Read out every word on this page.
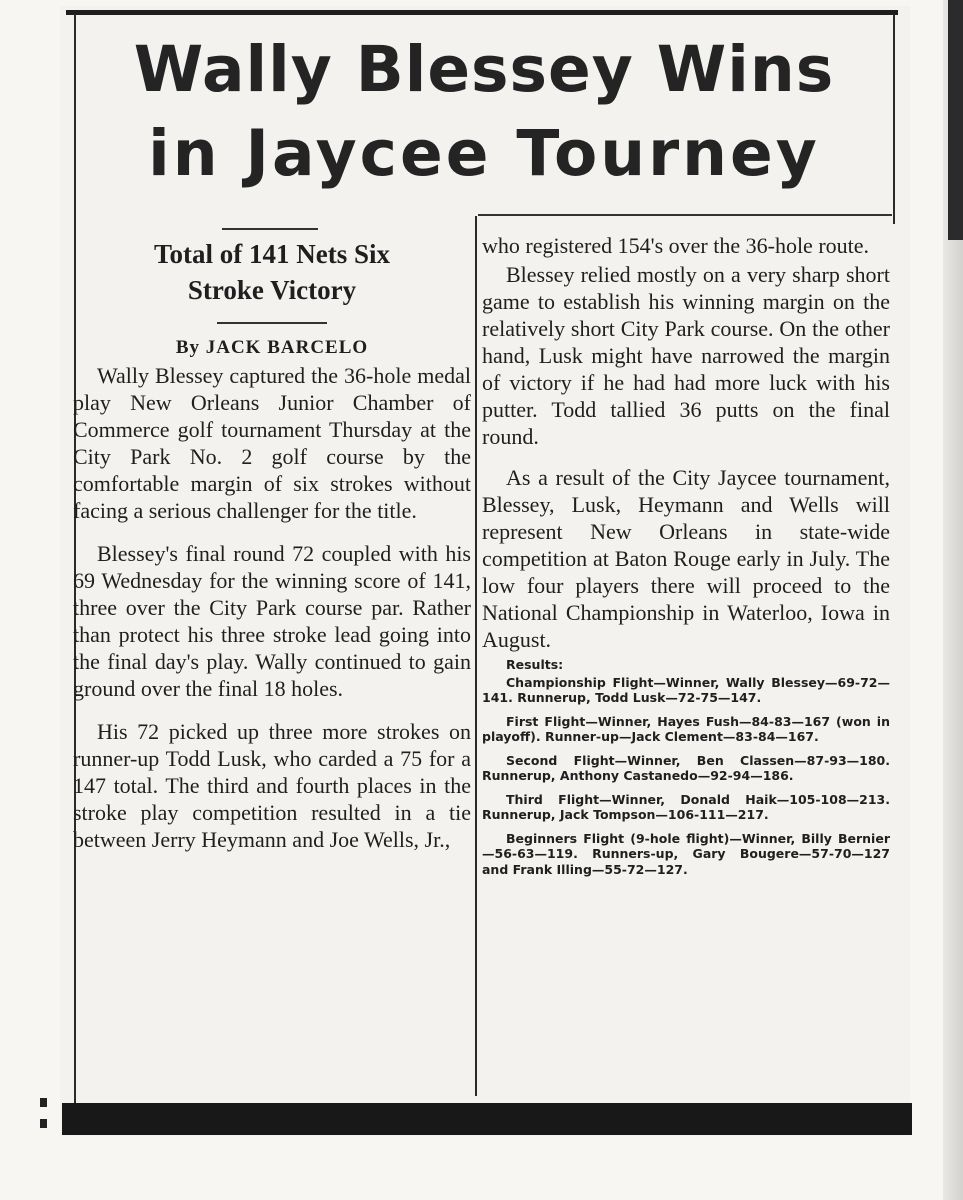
Wally Blessey Wins
in Jaycee Tourney

Total of 141 Nets Six

Stroke Victory

By JACK BARCELO

Wally Blessey captured the 36-hole medal play New Orleans Junior Chamber of Commerce golf tournament Thursday at the City Park No. 2 golf course by the comfortable margin of six strokes without facing a serious challenger for the title.

Blessey's final round 72 coupled with his 69 Wednesday for the winning score of 141, three over the City Park course par. Rather than protect his three stroke lead going into the final day's play. Wally continued to gain ground over the final 18 holes.

His 72 picked up three more strokes on runner-up Todd Lusk, who carded a 75 for a 147 total. The third and fourth places in the stroke play competition resulted in a tie between Jerry Heymann and Joe Wells, Jr.,

who registered 154's over the 36-hole route.

Blessey relied mostly on a very sharp short game to establish his winning margin on the relatively short City Park course. On the other hand, Lusk might have narrowed the margin of victory if he had had more luck with his putter. Todd tallied 36 putts on the final round.

As a result of the City Jaycee tournament, Blessey, Lusk, Heymann and Wells will represent New Orleans in state-wide competition at Baton Rouge early in July. The low four players there will proceed to the National Championship in Waterloo, Iowa in August.

Results:

Championship Flight—Winner, Wally Blessey—69-72—141. Runnerup, Todd Lusk—72-75—147.

First Flight—Winner, Hayes Fush—84-83—167 (won in playoff). Runner-up—Jack Clement—83-84—167.

Second Flight—Winner, Ben Classen—87-93—180. Runnerup, Anthony Castanedo—92-94—186.

Third Flight—Winner, Donald Haik—105-108—213. Runnerup, Jack Tompson—106-111—217.

Beginners Flight (9-hole flight)—Winner, Billy Bernier—56-63—119. Runners-up, Gary Bougere—57-70—127 and Frank Illing—55-72—127.
